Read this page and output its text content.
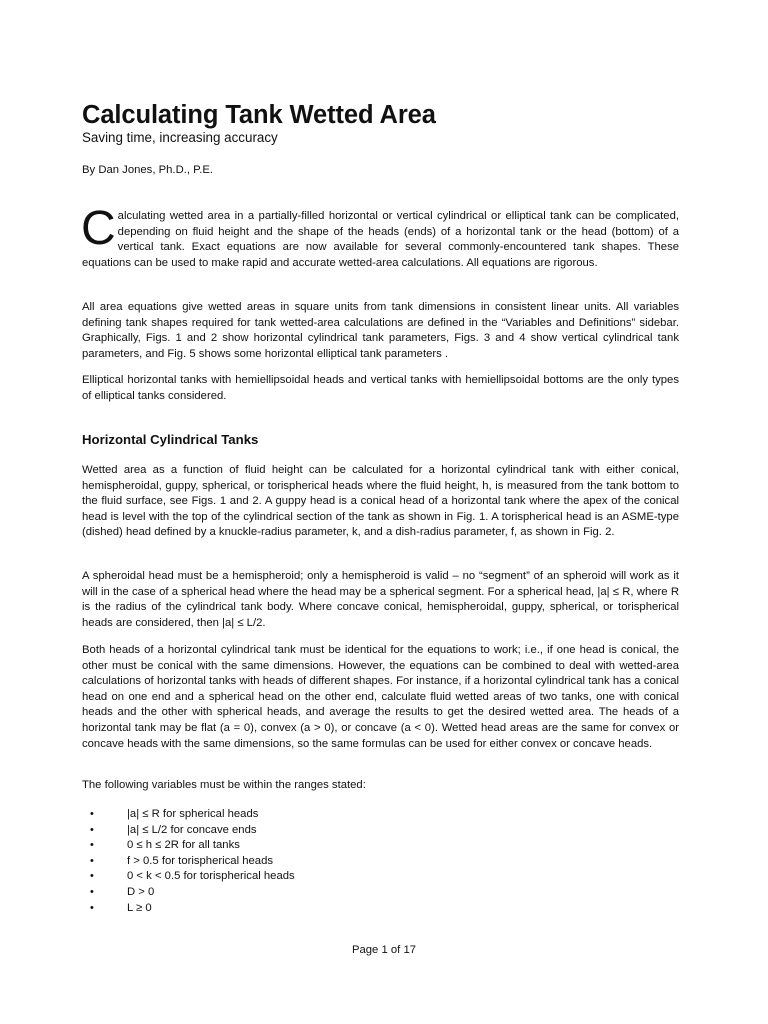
Calculating Tank Wetted Area
Saving time, increasing accuracy
By Dan Jones, Ph.D., P.E.

Calculating wetted area in a partially-filled horizontal or vertical cylindrical or elliptical tank can be complicated, depending on fluid height and the shape of the heads (ends) of a horizontal tank or the head (bottom) of a vertical tank. Exact equations are now available for several commonly-encountered tank shapes. These equations can be used to make rapid and accurate wetted-area calculations. All equations are rigorous.

All area equations give wetted areas in square units from tank dimensions in consistent linear units. All variables defining tank shapes required for tank wetted-area calculations are defined in the “Variables and Definitions” sidebar. Graphically, Figs. 1 and 2 show horizontal cylindrical tank parameters, Figs. 3 and 4 show vertical cylindrical tank parameters, and Fig. 5 shows some horizontal elliptical tank parameters .

Elliptical horizontal tanks with hemiellipsoidal heads and vertical tanks with hemiellipsoidal bottoms are the only types of elliptical tanks considered.

Horizontal Cylindrical Tanks

Wetted area as a function of fluid height can be calculated for a horizontal cylindrical tank with either conical, hemispheroidal, guppy, spherical, or torispherical heads where the fluid height, h, is measured from the tank bottom to the fluid surface, see Figs. 1 and 2. A guppy head is a conical head of a horizontal tank where the apex of the conical head is level with the top of the cylindrical section of the tank as shown in Fig. 1. A torispherical head is an ASME-type (dished) head defined by a knuckle-radius parameter, k, and a dish-radius parameter, f, as shown in Fig. 2.

A spheroidal head must be a hemispheroid; only a hemispheroid is valid – no “segment” of an spheroid will work as it will in the case of a spherical head where the head may be a spherical segment. For a spherical head, |a| ≤ R, where R is the radius of the cylindrical tank body. Where concave conical, hemispheroidal, guppy, spherical, or torispherical heads are considered, then |a| ≤ L/2.

Both heads of a horizontal cylindrical tank must be identical for the equations to work; i.e., if one head is conical, the other must be conical with the same dimensions. However, the equations can be combined to deal with wetted-area calculations of horizontal tanks with heads of different shapes. For instance, if a horizontal cylindrical tank has a conical head on one end and a spherical head on the other end, calculate fluid wetted areas of two tanks, one with conical heads and the other with spherical heads, and average the results to get the desired wetted area. The heads of a horizontal tank may be flat (a = 0), convex (a > 0), or concave (a < 0). Wetted head areas are the same for convex or concave heads with the same dimensions, so the same formulas can be used for either convex or concave heads.

The following variables must be within the ranges stated:

• |a| ≤ R for spherical heads
• |a| ≤ L/2 for concave ends
• 0 ≤ h ≤ 2R for all tanks
• f > 0.5 for torispherical heads
• 0 < k < 0.5 for torispherical heads
• D > 0
• L ≥ 0
Page 1 of 17
